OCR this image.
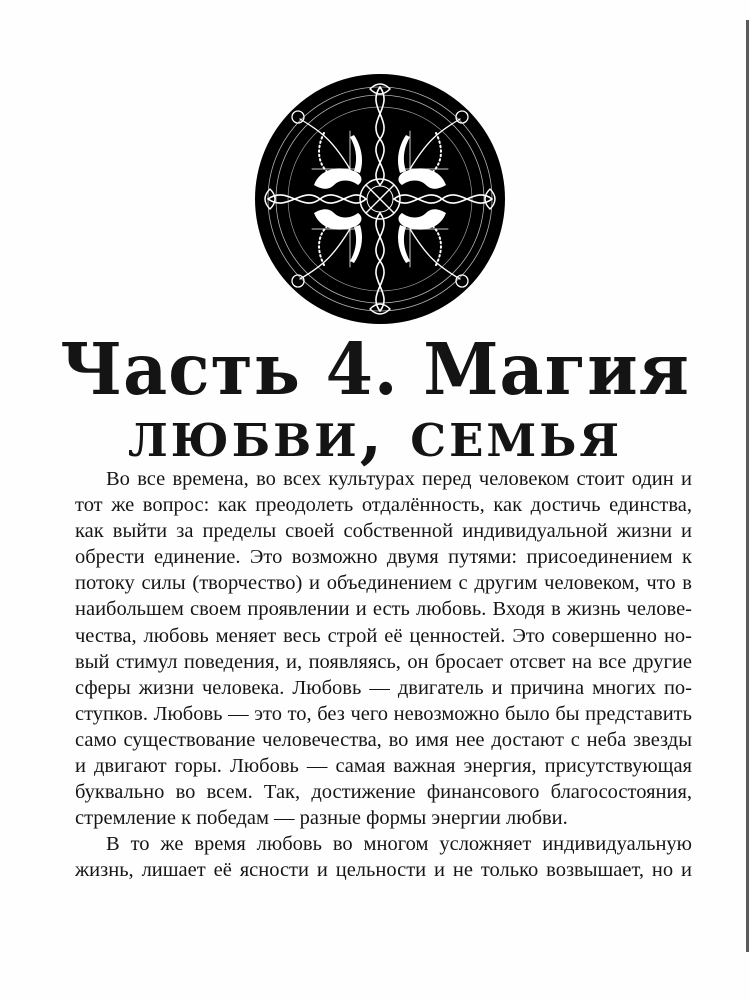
Часть 4. Магия
любви, семья
Во все времена, во всех культурах перед человеком стоит один и
тот же вопрос: как преодолеть отдалённость, как достичь единства,
как выйти за пределы своей собственной индивидуальной жизни и
обрести единение. Это возможно двумя путями: присоединением к
потоку силы (творчество) и объединением с другим человеком, что в
наибольшем своем проявлении и есть любовь. Входя в жизнь челове-
чества, любовь меняет весь строй её ценностей. Это совершенно но-
вый стимул поведения, и, появляясь, он бросает отсвет на все другие
сферы жизни человека. Любовь — двигатель и причина многих по-
ступков. Любовь — это то, без чего невозможно было бы представить
само существование человечества, во имя нее достают с неба звезды
и двигают горы. Любовь — самая важная энергия, присутствующая
буквально во всем. Так, достижение финансового благосостояния,
стремление к победам — разные формы энергии любви.
В то же время любовь во многом усложняет индивидуальную
жизнь, лишает её ясности и цельности и не только возвышает, но и
